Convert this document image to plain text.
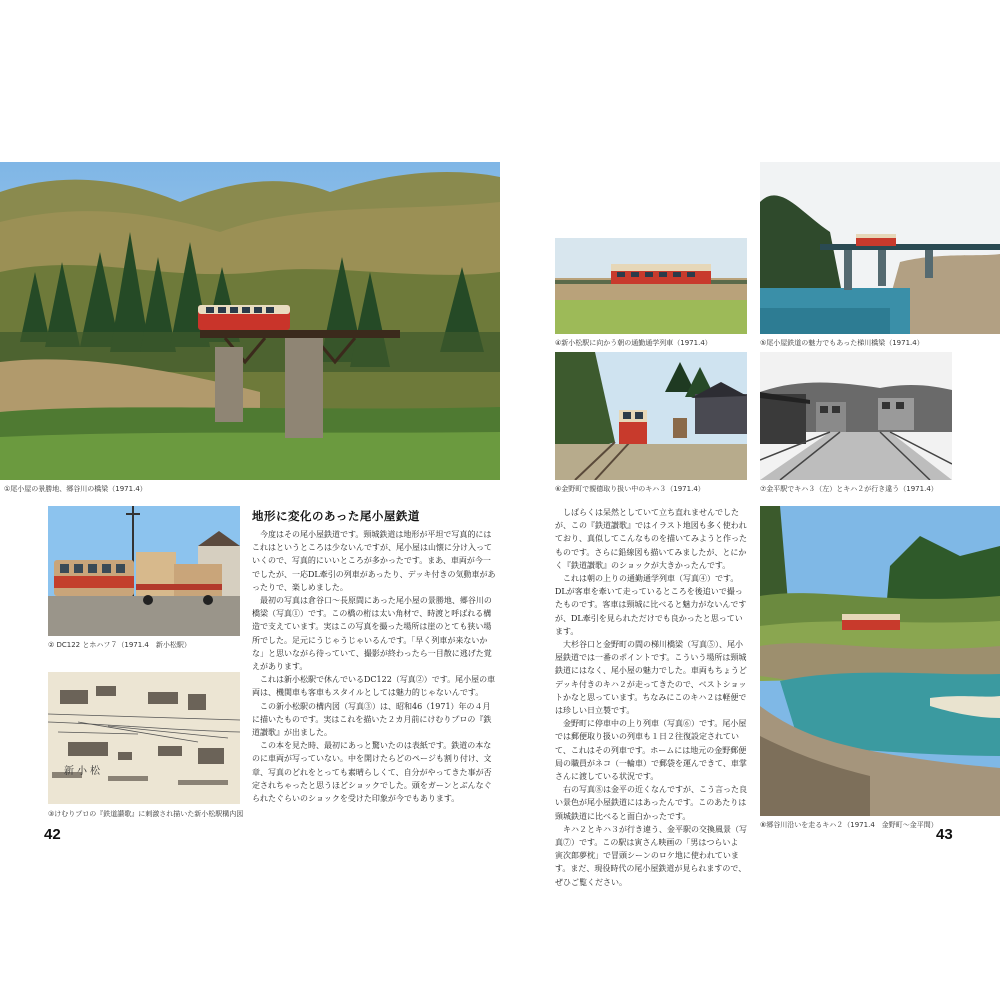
①尾小屋の景勝地、郷谷川の橋梁（1971.4）
② DC122 とホハフ７（1971.4　新小松駅）
新小松
③けむりプロの『鉄道讃歌』に刺激され描いた新小松駅構内図
地形に変化のあった尾小屋鉄道

今度はその尾小屋鉄道です。頸城鉄道は地形が平坦で写真的にはこれはというところは少ないんですが、尾小屋は山懐に分け入っていくので、写真的にいいところが多かったです。まあ、車両が今一でしたが、一応DL牽引の列車があったり、デッキ付きの気動車があったりで、楽しめました。

最初の写真は倉谷口～長原間にあった尾小屋の景勝地、郷谷川の橋梁（写真①）です。この橋の桁は太い角材で、時渡と呼ばれる構造で支えています。実はこの写真を撮った場所は崖のとても狭い場所でした。足元にうじゃうじゃいるんです。「早く列車が来ないかな」と思いながら待っていて、撮影が終わったら一目散に逃げた覚えがあります。

これは新小松駅で休んでいるDC122（写真②）です。尾小屋の車両は、機関車も客車もスタイルとしては魅力的じゃないんです。

この新小松駅の構内図（写真③）は、昭和46（1971）年の４月に描いたものです。実はこれを描いた２カ月前にけむりプロの『鉄道讃歌』が出ました。

この本を見た時、最初にあっと驚いたのは表紙です。鉄道の本なのに車両が写っていない。中を開けたらどのページも割り付け、文章、写真のどれをとっても素晴らしくて、自分がやってきた事が否定されちゃったと思うほどショックでした。頭をガーンとぶんなぐられたぐらいのショックを受けた印象が今でもあります。

42
④新小松駅に向かう朝の通勤通学列車（1971.4）	⑤尾小屋鉄道の魅力でもあった梯川橋梁（1971.4）
⑥金野町で親德取り扱い中のキハ３（1971.4）	⑦金平駅でキハ３（左）とキハ２が行き違う（1971.4）

しばらくは呆然としていて立ち直れませんでしたが、この『鉄道讃歌』ではイラスト地図も多く使われており、真似してこんなものを描いてみようと作ったものです。さらに鉛線図も描いてみましたが、とにかく『鉄道讃歌』のショックが大きかったんです。

これは朝の上りの通勤通学列車（写真④）です。DLが客車を牽いて走っているところを後追いで撮ったものです。客車は頸城に比べると魅力がないんですが、DL牽引を見られただけでも良かったと思っています。

大杉谷口と金野町の間の梯川橋梁（写真⑤）、尾小屋鉄道では一番のポイントです。こういう場所は頸城鉄道にはなく、尾小屋の魅力でした。車両もちょうどデッキ付きのキハ２が走ってきたので、ベストショットかなと思っています。ちなみにこのキハ２は軽便では珍しい日立製です。

金野町に停車中の上り列車（写真⑥）です。尾小屋では郵便取り扱いの列車も１日２往復設定されていて、これはその列車です。ホームには地元の金野郵便局の職員がネコ（一輪車）で郵袋を運んできて、車掌さんに渡している状況です。

右の写真⑧は金平の近くなんですが、こう言った良い景色が尾小屋鉄道にはあったんです。このあたりは頸城鉄道に比べると面白かったです。

キハ２とキハ３が行き違う、金平駅の交換風景（写真⑦）です。この駅は寅さん映画の「男はつらいよ 寅次郎夢枕」で冒頭シーンのロケ地に使われています。まだ、現役時代の尾小屋鉄道が見られますので、ぜひご覧ください。

⑧郷谷川沿いを走るキハ２（1971.4　金野町～金平間）
43
